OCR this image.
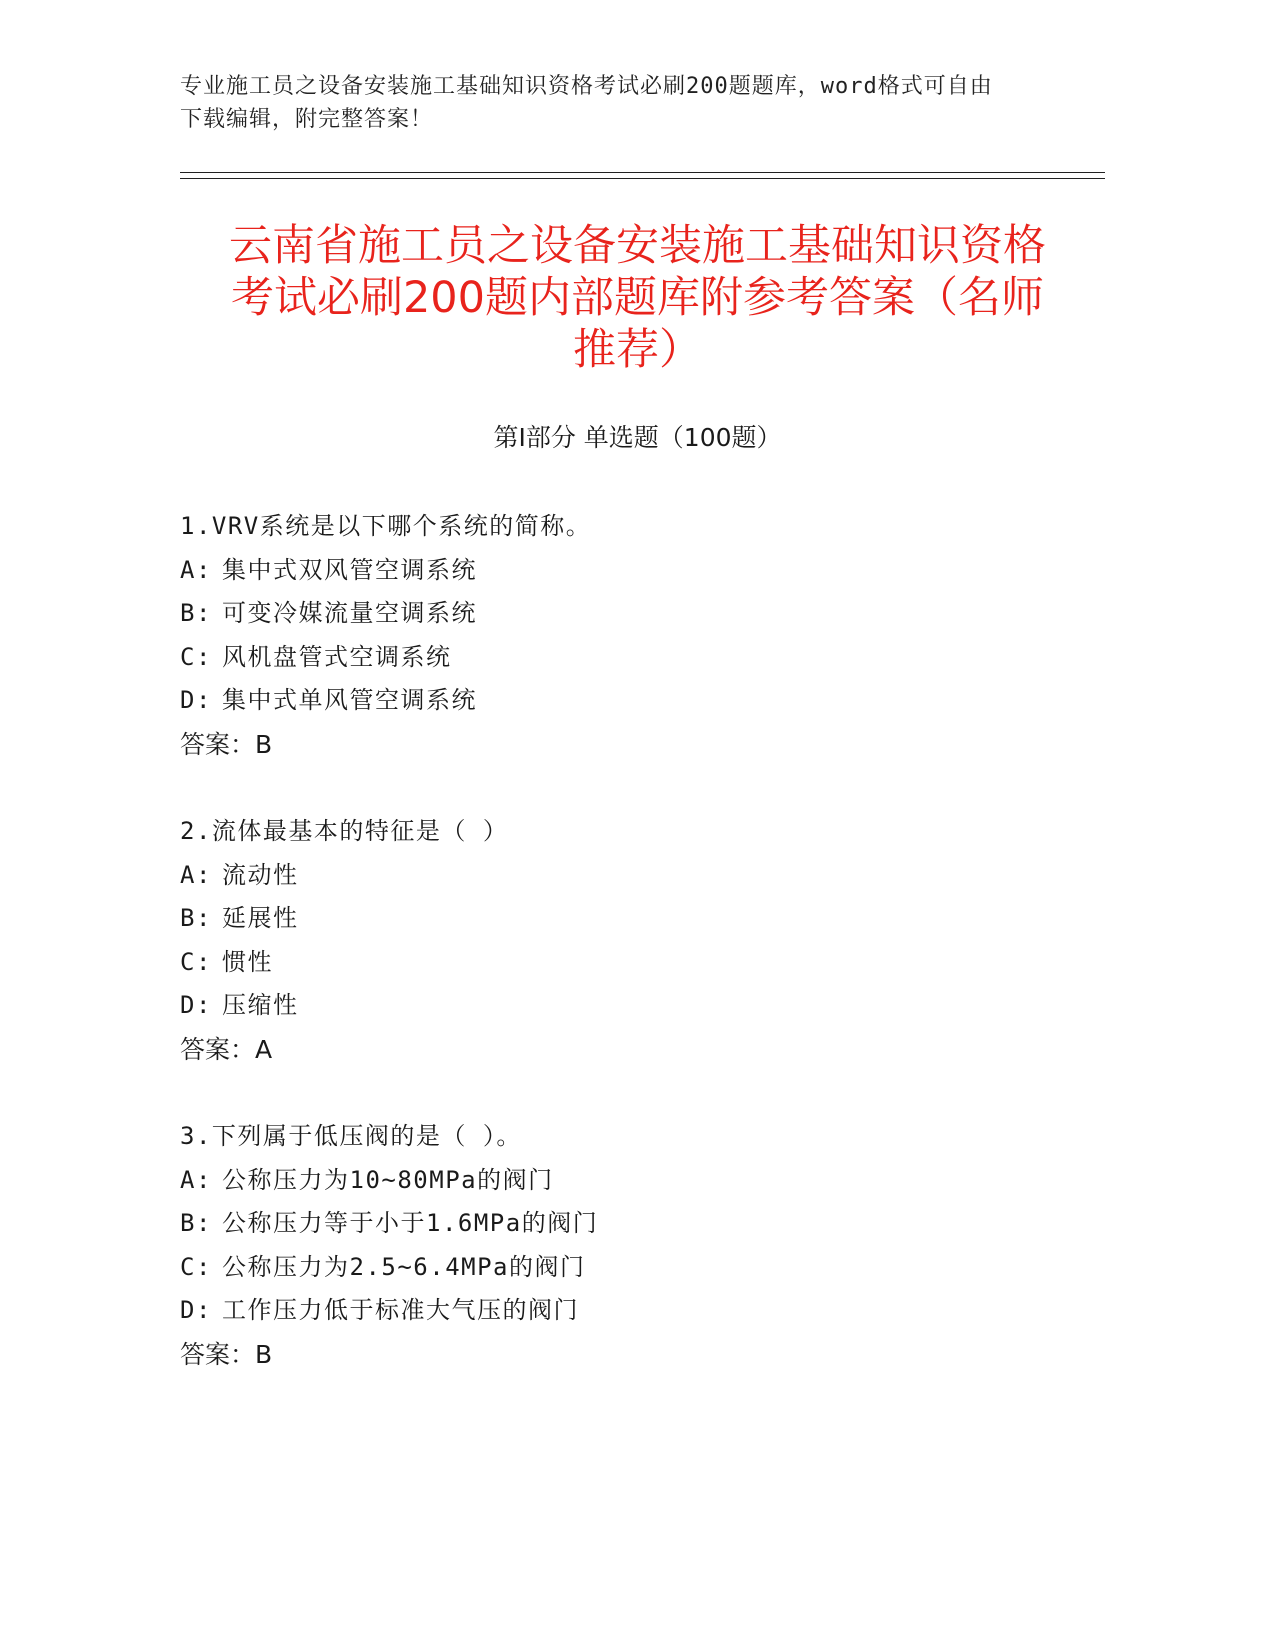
专业施工员之设备安装施工基础知识资格考试必刷200题题库，word格式可自由
下载编辑，附完整答案！
云南省施工员之设备安装施工基础知识资格
考试必刷200题内部题库附参考答案（名师
推荐）
第Ⅰ部分 单选题（100题）
1.VRV系统是以下哪个系统的简称。
A: 集中式双风管空调系统
B: 可变冷媒流量空调系统
C: 风机盘管式空调系统
D: 集中式单风管空调系统
答案：B
2.流体最基本的特征是（ ）
A: 流动性
B: 延展性
C: 惯性
D: 压缩性
答案：A
3.下列属于低压阀的是（ ）。
A: 公称压力为10~80MPa的阀门
B: 公称压力等于小于1.6MPa的阀门
C: 公称压力为2.5~6.4MPa的阀门
D: 工作压力低于标准大气压的阀门
答案：B
